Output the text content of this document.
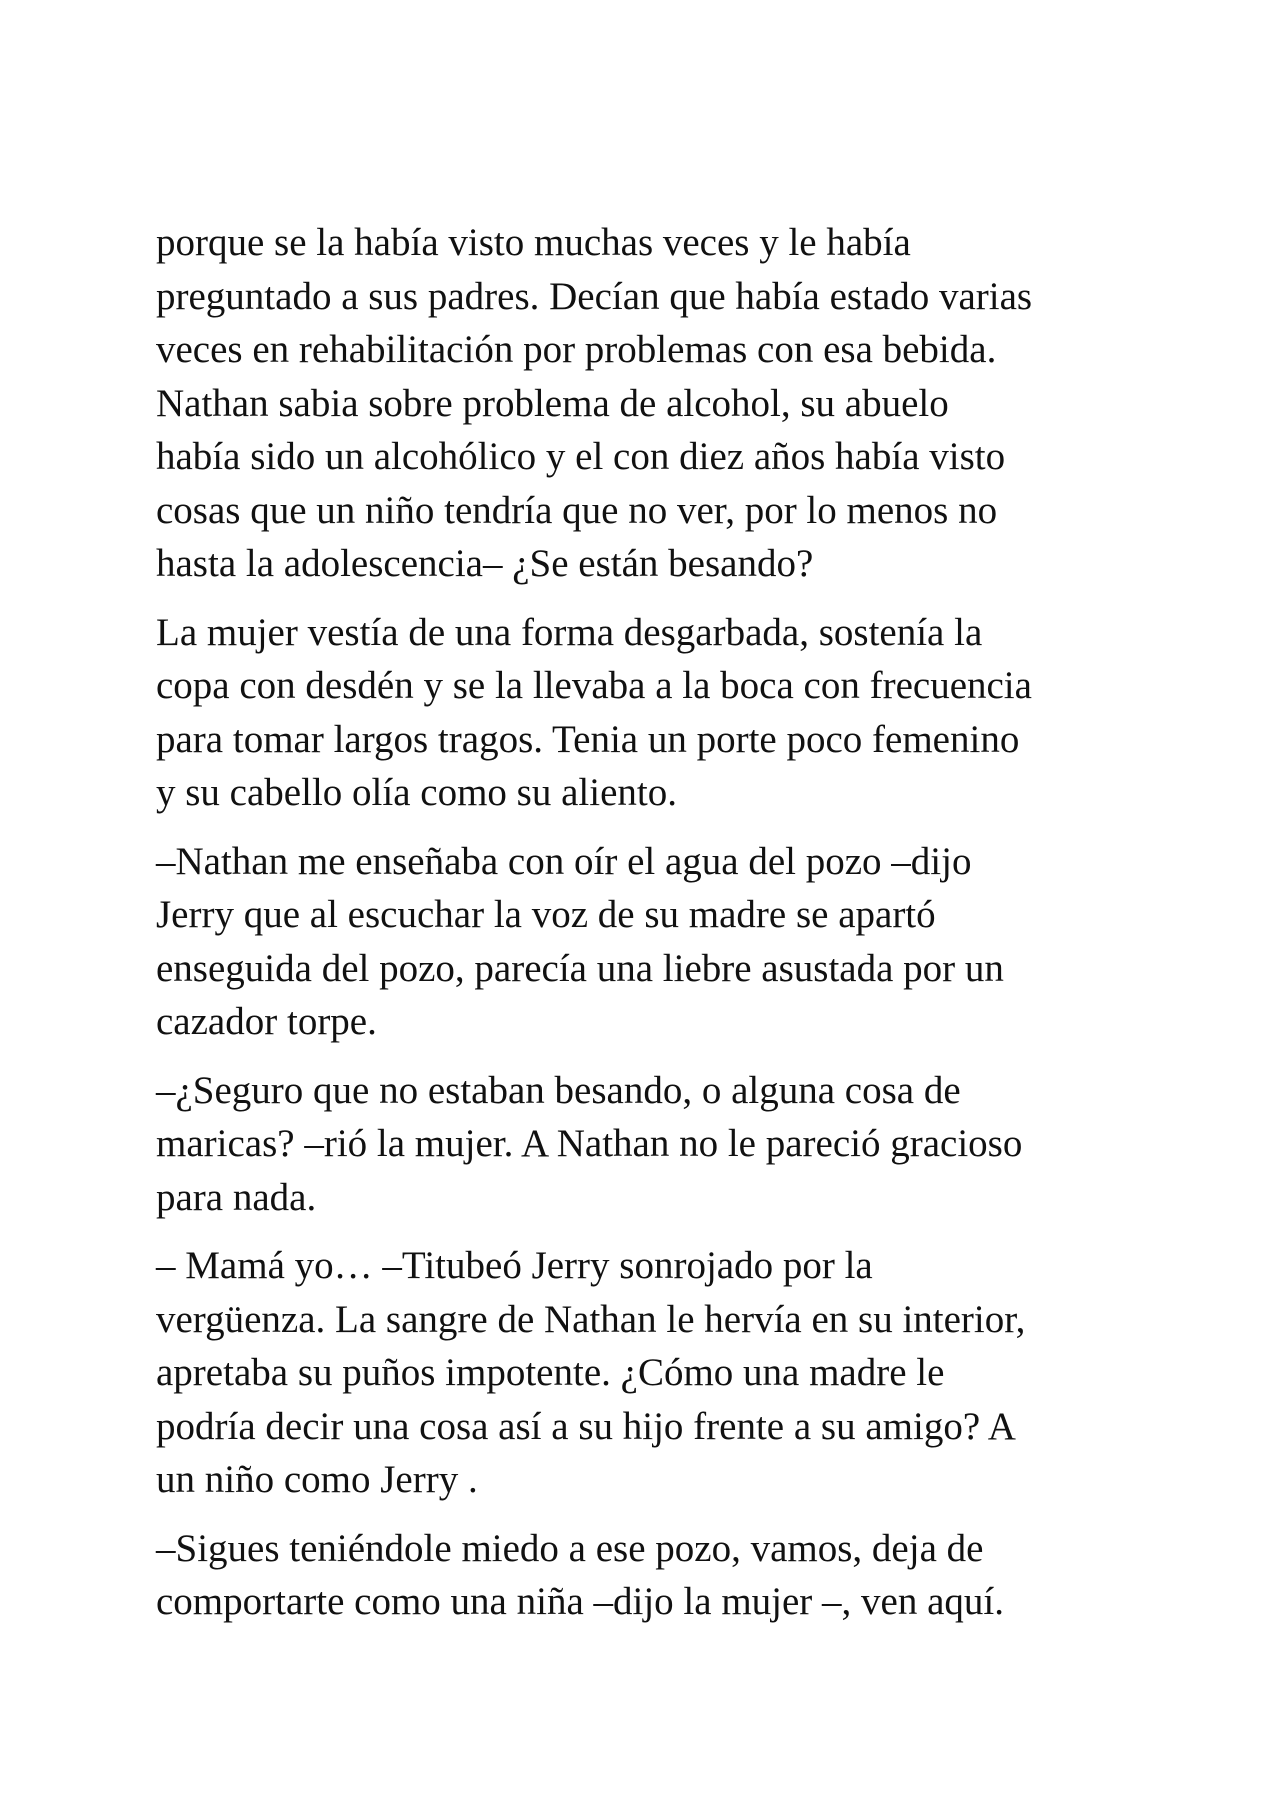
porque se la había visto muchas veces y le había
preguntado a sus padres. Decían que había estado varias
veces en rehabilitación por problemas con esa bebida.
Nathan sabia sobre problema de alcohol, su abuelo
había sido un alcohólico y el con diez años había visto
cosas que un niño tendría que no ver, por lo menos no
hasta la adolescencia– ¿Se están besando?

La mujer vestía de una forma desgarbada, sostenía la
copa con desdén y se la llevaba a la boca con frecuencia
para tomar largos tragos. Tenia un porte poco femenino
y su cabello olía como su aliento.

–Nathan me enseñaba con oír el agua del pozo –dijo
Jerry que al escuchar la voz de su madre se apartó
enseguida del pozo, parecía una liebre asustada por un
cazador torpe.

–¿Seguro que no estaban besando, o alguna cosa de
maricas? –rió la mujer. A Nathan no le pareció gracioso
para nada.

– Mamá yo… –Titubeó Jerry sonrojado por la
vergüenza. La sangre de Nathan le hervía en su interior,
apretaba su puños impotente. ¿Cómo una madre le
podría decir una cosa así a su hijo frente a su amigo? A
un niño como Jerry .

–Sigues teniéndole miedo a ese pozo, vamos, deja de
comportarte como una niña –dijo la mujer –, ven aquí.
